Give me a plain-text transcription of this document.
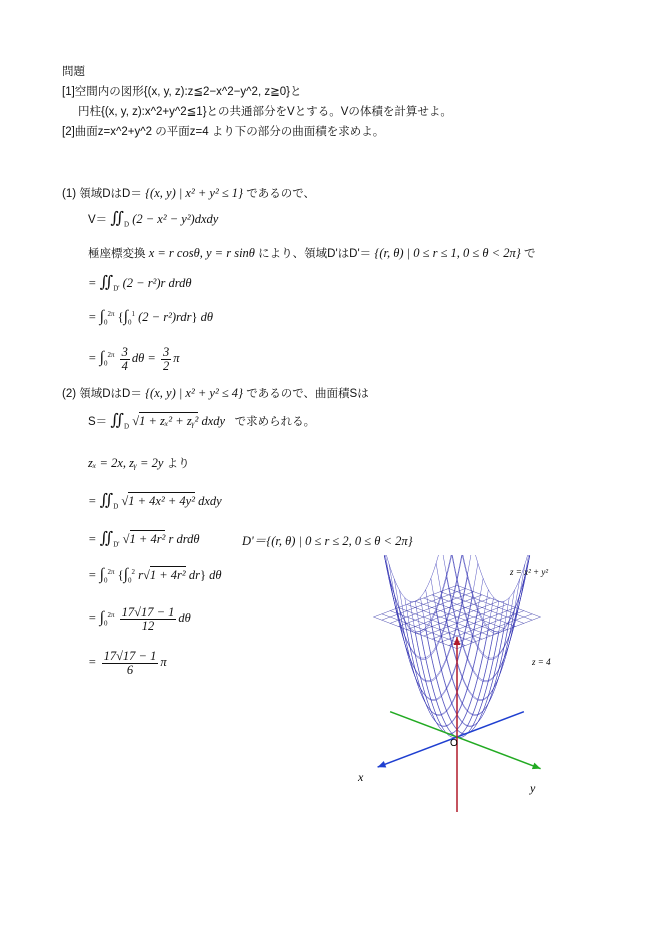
問題
[1]空間内の図形{(x, y, z):z≦2−x^2−y^2, z≧0}と
円柱{(x, y, z):x^2+y^2≦1}との共通部分をVとする。Vの体積を計算せよ。
[2]曲面z=x^2+y^2 の平面z=4 より下の部分の曲面積を求めよ。
(1) 領域DはD＝ {(x, y) | x² + y² ≤ 1} であるので、
$V= ∬_D$ (2 − x² − y²)dxdy
極座標変換 x = r cosθ, y = r sinθ により、領域D'はD'＝ {(r, θ) | 0 ≤ r ≤ 1, 0 ≤ θ < 2π} で
= $∬_{D'}$ (2 − r²)r drdθ
= $\int_0^{2\pi}$ {$\int_0^1$ (2 − r²)rdr} dθ
= $\int_0^{2\pi} \frac{3}{4}$ $d\theta = \frac{3}{2}$ π
(2) 領域DはD＝ {(x, y) | x² + y² ≤ 4} であるので、曲面積Sは
$S= ∬_D$ √1 + zₓ² + zᵧ² dxdy で求められる。
zₓ = 2x, zᵧ = 2y より
= $∬_D$ √1 + 4x² + 4y² dxdy
= $∬_{D'}$ √1 + 4r² r drdθ	D'＝{(r, θ) | 0 ≤ r ≤ 2, 0 ≤ θ < 2π}
= $\int_0^{2\pi}$ {$\int_0^2$ r√1 + 4r² dr} dθ
= $\int_0^{2\pi} \frac{17√17 - 1}{12}$ dθ
= $\frac{17√17 - 1}{6}$ π
z = x² + y²
z = 4
O
x
y
